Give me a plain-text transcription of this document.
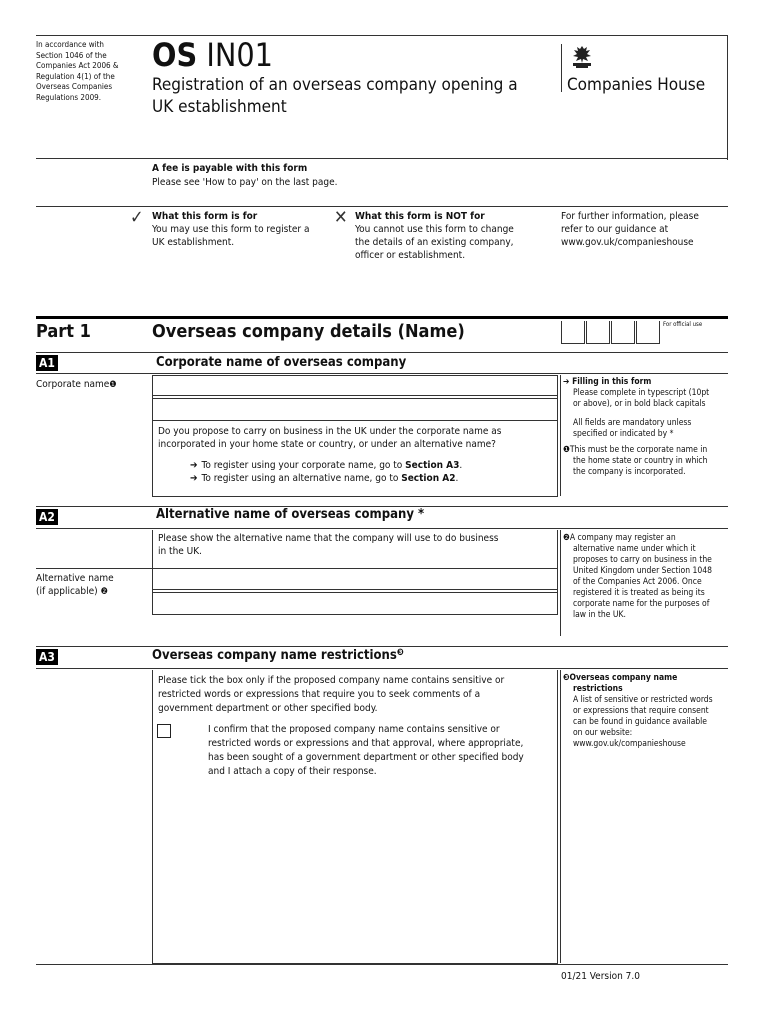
In accordance with
Section 1046 of the
Companies Act 2006 &
Regulation 4(1) of the
Overseas Companies
Regulations 2009.
OS IN01
Registration of an overseas company opening a
UK establishment
Companies House
A fee is payable with this form
Please see 'How to pay' on the last page.
✓ What this form is for
You may use this form to register a
UK establishment.
✕ What this form is NOT for
You cannot use this form to change
the details of an existing company,
officer or establishment.
For further information, please
refer to our guidance at
www.gov.uk/companieshouse
Part 1	Overseas company details (Name)	For official use
A1	Corporate name of overseas company
Corporate name❶
Do you propose to carry on business in the UK under the corporate name as
incorporated in your home state or country, or under an alternative name?
➔ To register using your corporate name, go to Section A3.
➔ To register using an alternative name, go to Section A2.
➔ Filling in this form
Please complete in typescript (10pt
or above), or in bold black capitals
All fields are mandatory unless
specified or indicated by *
❶This must be the corporate name in
the home state or country in which
the company is incorporated.
A2	Alternative name of overseas company *
Please show the alternative name that the company will use to do business
in the UK.
Alternative name
(if applicable) ❷
❷A company may register an
alternative name under which it
proposes to carry on business in the
United Kingdom under Section 1048
of the Companies Act 2006. Once
registered it is treated as being its
corporate name for the purposes of
law in the UK.
A3	Overseas company name restrictions$^❸$
Please tick the box only if the proposed company name contains sensitive or
restricted words or expressions that require you to seek comments of a
government department or other specified body.
I confirm that the proposed company name contains sensitive or
restricted words or expressions and that approval, where appropriate,
has been sought of a government department or other specified body
and I attach a copy of their response.
❸Overseas company name
restrictions
A list of sensitive or restricted words
or expressions that require consent
can be found in guidance available
on our website:
www.gov.uk/companieshouse
01/21 Version 7.0
